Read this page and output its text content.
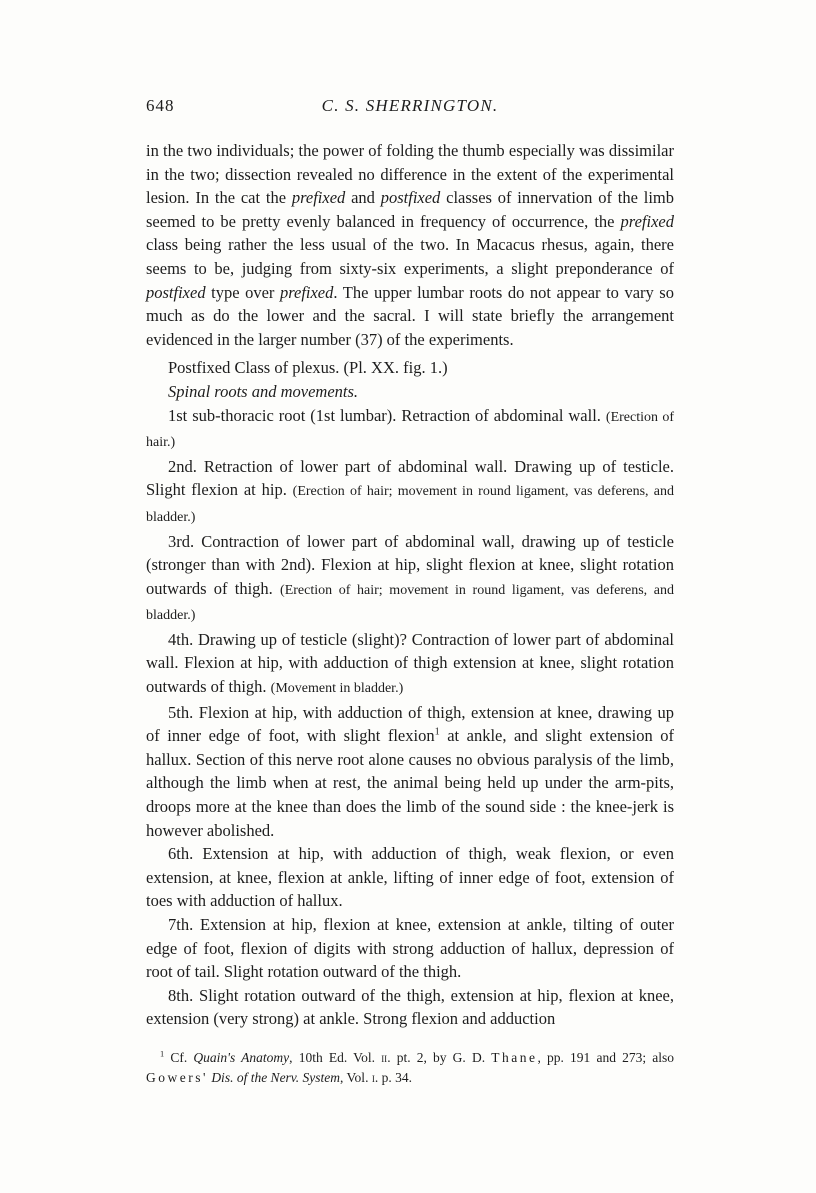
648	C. S. SHERRINGTON.

in the two individuals; the power of folding the thumb especially was dissimilar in the two; dissection revealed no difference in the extent of the experimental lesion. In the cat the prefixed and postfixed classes of innervation of the limb seemed to be pretty evenly balanced in frequency of occurrence, the prefixed class being rather the less usual of the two. In Macacus rhesus, again, there seems to be, judging from sixty-six experiments, a slight preponderance of postfixed type over prefixed. The upper lumbar roots do not appear to vary so much as do the lower and the sacral. I will state briefly the arrangement evidenced in the larger number (37) of the experiments.

Postfixed Class of plexus. (Pl. XX. fig. 1.)

Spinal roots and movements.

1st sub-thoracic root (1st lumbar). Retraction of abdominal wall. (Erection of hair.)

2nd. Retraction of lower part of abdominal wall. Drawing up of testicle. Slight flexion at hip. (Erection of hair; movement in round ligament, vas deferens, and bladder.)

3rd. Contraction of lower part of abdominal wall, drawing up of testicle (stronger than with 2nd). Flexion at hip, slight flexion at knee, slight rotation outwards of thigh. (Erection of hair; movement in round ligament, vas deferens, and bladder.)

4th. Drawing up of testicle (slight)? Contraction of lower part of abdominal wall. Flexion at hip, with adduction of thigh extension at knee, slight rotation outwards of thigh. (Movement in bladder.)

5th. Flexion at hip, with adduction of thigh, extension at knee, drawing up of inner edge of foot, with slight flexion$^1$ at ankle, and slight extension of hallux. Section of this nerve root alone causes no obvious paralysis of the limb, although the limb when at rest, the animal being held up under the arm-pits, droops more at the knee than does the limb of the sound side : the knee-jerk is however abolished.

6th. Extension at hip, with adduction of thigh, weak flexion, or even extension, at knee, flexion at ankle, lifting of inner edge of foot, extension of toes with adduction of hallux.

7th. Extension at hip, flexion at knee, extension at ankle, tilting of outer edge of foot, flexion of digits with strong adduction of hallux, depression of root of tail. Slight rotation outward of the thigh.

8th. Slight rotation outward of the thigh, extension at hip, flexion at knee, extension (very strong) at ankle. Strong flexion and adduction

$^1$ Cf. Quain's Anatomy, 10th Ed. Vol. ii. pt. 2, by G. D. Thane, pp. 191 and 273; also Gowers' Dis. of the Nerv. System, Vol. i. p. 34.
